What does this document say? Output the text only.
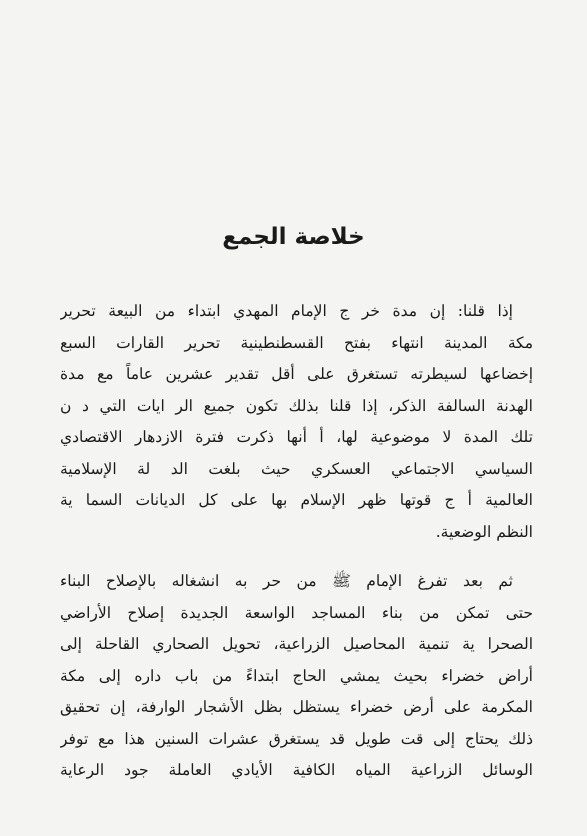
خلاصة الجمع
إذا قلنا: إن مدة خر ج الإمام المهدي ابتداء من البيعة تحرير
مكة المدينة انتهاء بفتح القسطنطينية تحرير القارات السبع
إخضاعها لسيطرته تستغرق على أقل تقدير عشرين عاماً مع مدة
الهدنة السالفة الذكر، إذا قلنا بذلك تكون جميع الر ايات التي د ن
تلك المدة لا موضوعية لها، أ أنها ذكرت فترة الازدهار الاقتصادي
السياسي الاجتماعي العسكري حيث بلغت الد لة الإسلامية
العالمية أ ج قوتها ظهر الإسلام بها على كل الديانات السما ية
النظم الوضعية.
ثم بعد تفرغ الإمام ﷺ من حر به انشغاله بالإصلاح البناء
حتى تمكن من بناء المساجد الواسعة الجديدة إصلاح الأراضي
الصحرا ية تنمية المحاصيل الزراعية، تحويل الصحاري القاحلة إلى
أراض خضراء بحيث يمشي الحاج ابتداءً من باب داره إلى مكة
المكرمة على أرض خضراء يستظل بظل الأشجار الوارفة، إن تحقيق
ذلك يحتاج إلى قت طويل قد يستغرق عشرات السنين هذا مع توفر
الوسائل الزراعية المياه الكافية الأيادي العاملة جود الرعاية
